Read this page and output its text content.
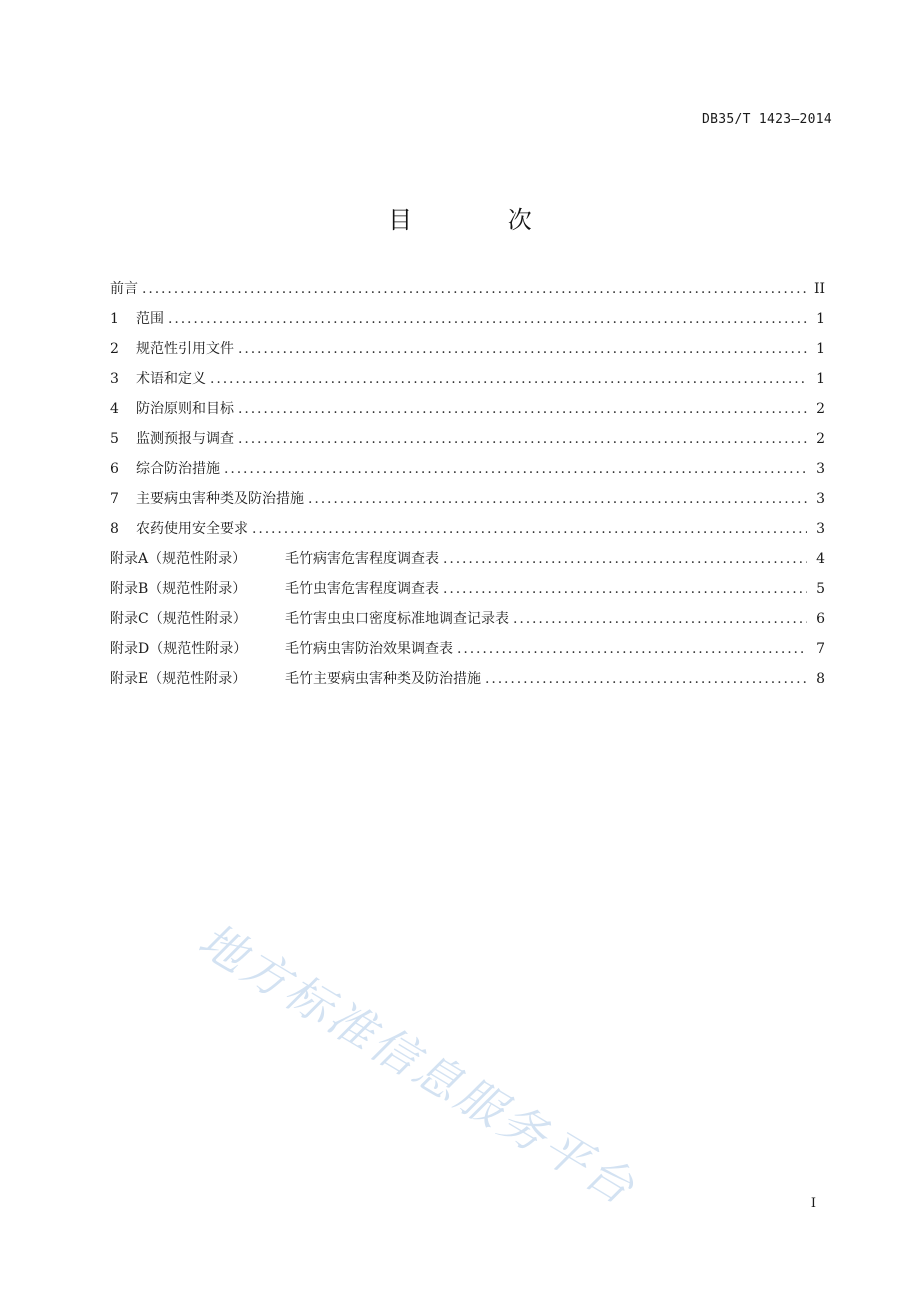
DB35/T 1423—2014
目 次
前言 .....	II
1 范围 .....	1
2 规范性引用文件 .....	1
3 术语和定义 .....	1
4 防治原则和目标 .....	2
5 监测预报与调查 .....	2
6 综合防治措施 .....	3
7 主要病虫害种类及防治措施 .....	3
8 农药使用安全要求 .....	3
附录A（规范性附录）	毛竹病害危害程度调查表 .....	4
附录B（规范性附录）	毛竹虫害危害程度调查表 .....	5
附录C（规范性附录）	毛竹害虫虫口密度标准地调查记录表 .....	6
附录D（规范性附录）	毛竹病虫害防治效果调查表 .....	7
附录E（规范性附录）	毛竹主要病虫害种类及防治措施 .....	8
地方标准信息服务平台	I
